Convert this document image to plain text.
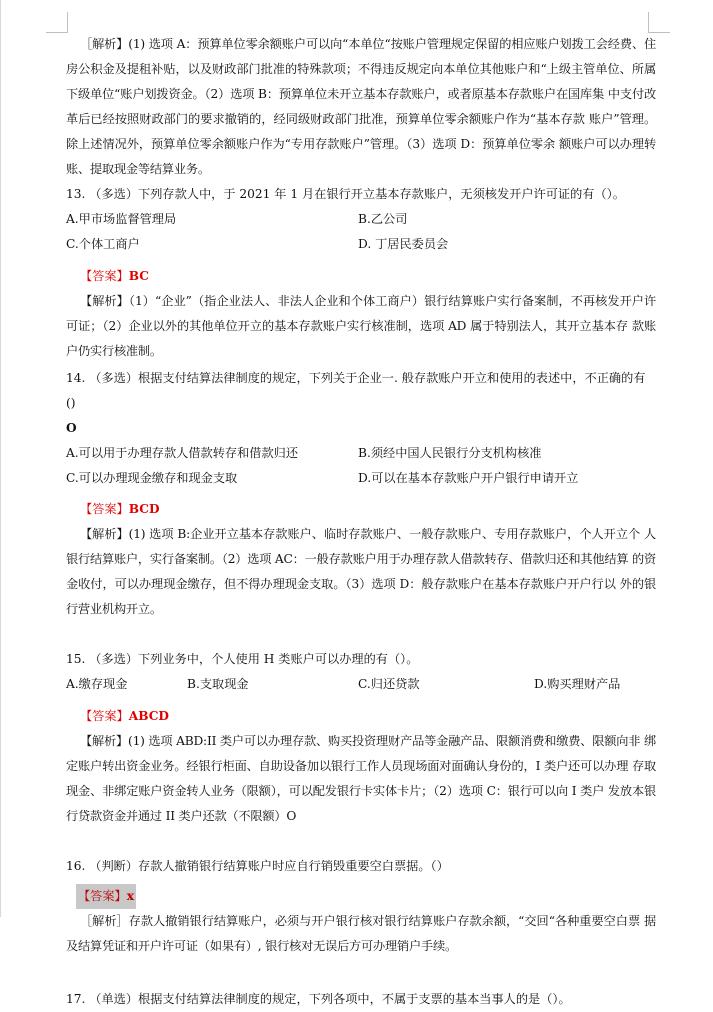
［解析】(1) 选项 A：预算单位零余额账户可以向“本单位“按账户管理规定保留的相应账户划拨工会经费、住房公积金及提租补贴，以及财政部门批准的特殊款项；不得违反规定向本单位其他账户和“上级主管单位、所属下级单位“账户划拨资金。（2）选项 B：预算单位未开立基本存款账户，或者原基本存款账户在国库集 中支付改革后已经按照财政部门的要求撤销的，经同级财政部门批准，预算单位零余额账户作为“基本存款 账户”管理。除上述情况外，预算单位零余额账户作为“专用存款账户”管理。（3）选项 D：预算单位零余 额账户可以办理转账、提取现金等结算业务。

13. （多选）下列存款人中，于 2021 年 1 月在银行开立基本存款账户，无须核发开户许可证的有（）。

A.甲市场监督管理局	B.乙公司
C.个体工商户	D. 丁居民委员会

【答案】BC

【解析】（1）“企业”（指企业法人、非法人企业和个体工商户）银行结算账户实行备案制，不再核发开户许可证；（2）企业以外的其他单位开立的基本存款账户实行核准制，选项 AD 属于特别法人，其开立基本存 款账户仍实行核准制。

14. （多选）根据支付结算法律制度的规定，下列关于企业一. 般存款账户开立和使用的表述中，不正确的有 ()

O

A.可以用于办理存款人借款转存和借款归还	B.须经中国人民银行分支机构核准
C.可以办理现金缴存和现金支取	D.可以在基本存款账户开户银行申请开立

【答案】BCD

【解析】(1) 选项 B:企业开立基本存款账户、临时存款账户、一般存款账户、专用存款账户，个人开立个 人银行结算账户，实行备案制。（2）选项 AC：一般存款账户用于办理存款人借款转存、借款归还和其他结算 的资金收付，可以办理现金缴存，但不得办理现金支取。（3）选项 D：般存款账户在基本存款账户开户行以 外的银行营业机构开立。

15. （多选）下列业务中，个人使用 H 类账户可以办理的有（）。

A.缴存现金	B.支取现金	C.归还贷款	D.购买理财产品

【答案】ABCD

【解析】(1) 选项 ABD:II 类户可以办理存款、购买投资理财产品等金融产品、限额消费和缴费、限额向非 绑定账户转出资金业务。经银行柜面、自助设备加以银行工作人员现场面对面确认身份的，I 类户还可以办理 存取现金、非绑定账户资金转人业务（限额），可以配发银行卡实体卡片；（2）选项 C：银行可以向 I 类户 发放本银行贷款资金并通过 II 类户还款（不限额）O

16. （判断）存款人撤销银行结算账户时应自行销毁重要空白票据。（）

【答案】x

［解析］存款人撤销银行结算账户，必须与开户银行核对银行结算账户存款余额，“交回“各种重要空白票 据及结算凭证和开户许可证（如果有）, 银行核对无误后方可办理销户手续。

17. （单选）根据支付结算法律制度的规定，下列各项中，不属于支票的基本当事人的是（）。
